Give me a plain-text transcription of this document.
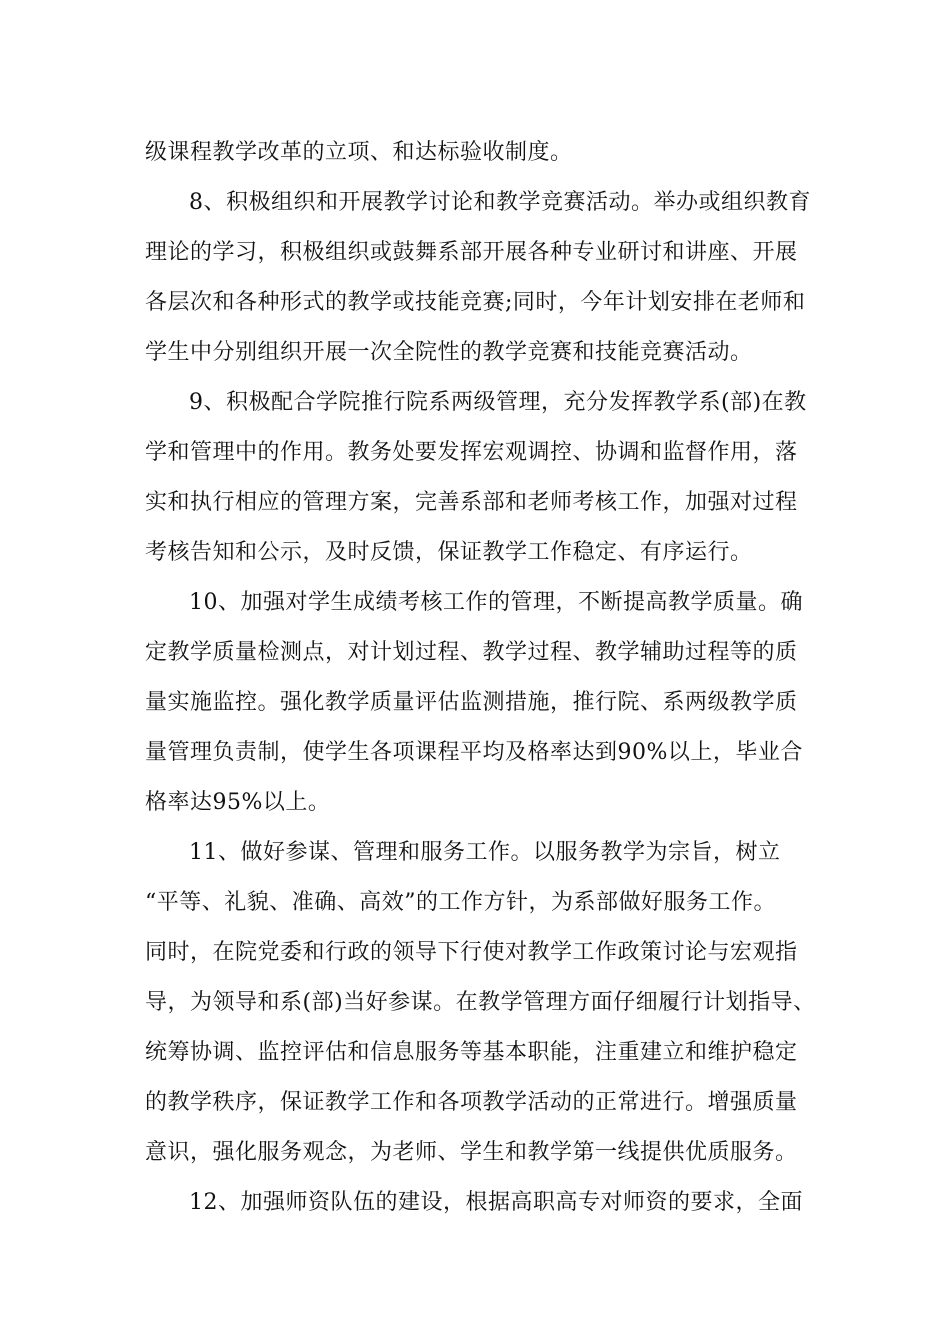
级课程教学改革的立项、和达标验收制度。
8、积极组织和开展教学讨论和教学竞赛活动。举办或组织教育
理论的学习，积极组织或鼓舞系部开展各种专业研讨和讲座、开展
各层次和各种形式的教学或技能竞赛;同时，今年计划安排在老师和
学生中分别组织开展一次全院性的教学竞赛和技能竞赛活动。
9、积极配合学院推行院系两级管理，充分发挥教学系(部)在教
学和管理中的作用。教务处要发挥宏观调控、协调和监督作用，落
实和执行相应的管理方案，完善系部和老师考核工作，加强对过程
考核告知和公示，及时反馈，保证教学工作稳定、有序运行。
10、加强对学生成绩考核工作的管理，不断提高教学质量。确
定教学质量检测点，对计划过程、教学过程、教学辅助过程等的质
量实施监控。强化教学质量评估监测措施，推行院、系两级教学质
量管理负责制，使学生各项课程平均及格率达到90%以上，毕业合
格率达95%以上。
11、做好参谋、管理和服务工作。以服务教学为宗旨，树立
“平等、礼貌、准确、高效”的工作方针，为系部做好服务工作。
同时，在院党委和行政的领导下行使对教学工作政策讨论与宏观指
导，为领导和系(部)当好参谋。在教学管理方面仔细履行计划指导、
统筹协调、监控评估和信息服务等基本职能，注重建立和维护稳定
的教学秩序，保证教学工作和各项教学活动的正常进行。增强质量
意识，强化服务观念，为老师、学生和教学第一线提供优质服务。
12、加强师资队伍的建设，根据高职高专对师资的要求，全面
